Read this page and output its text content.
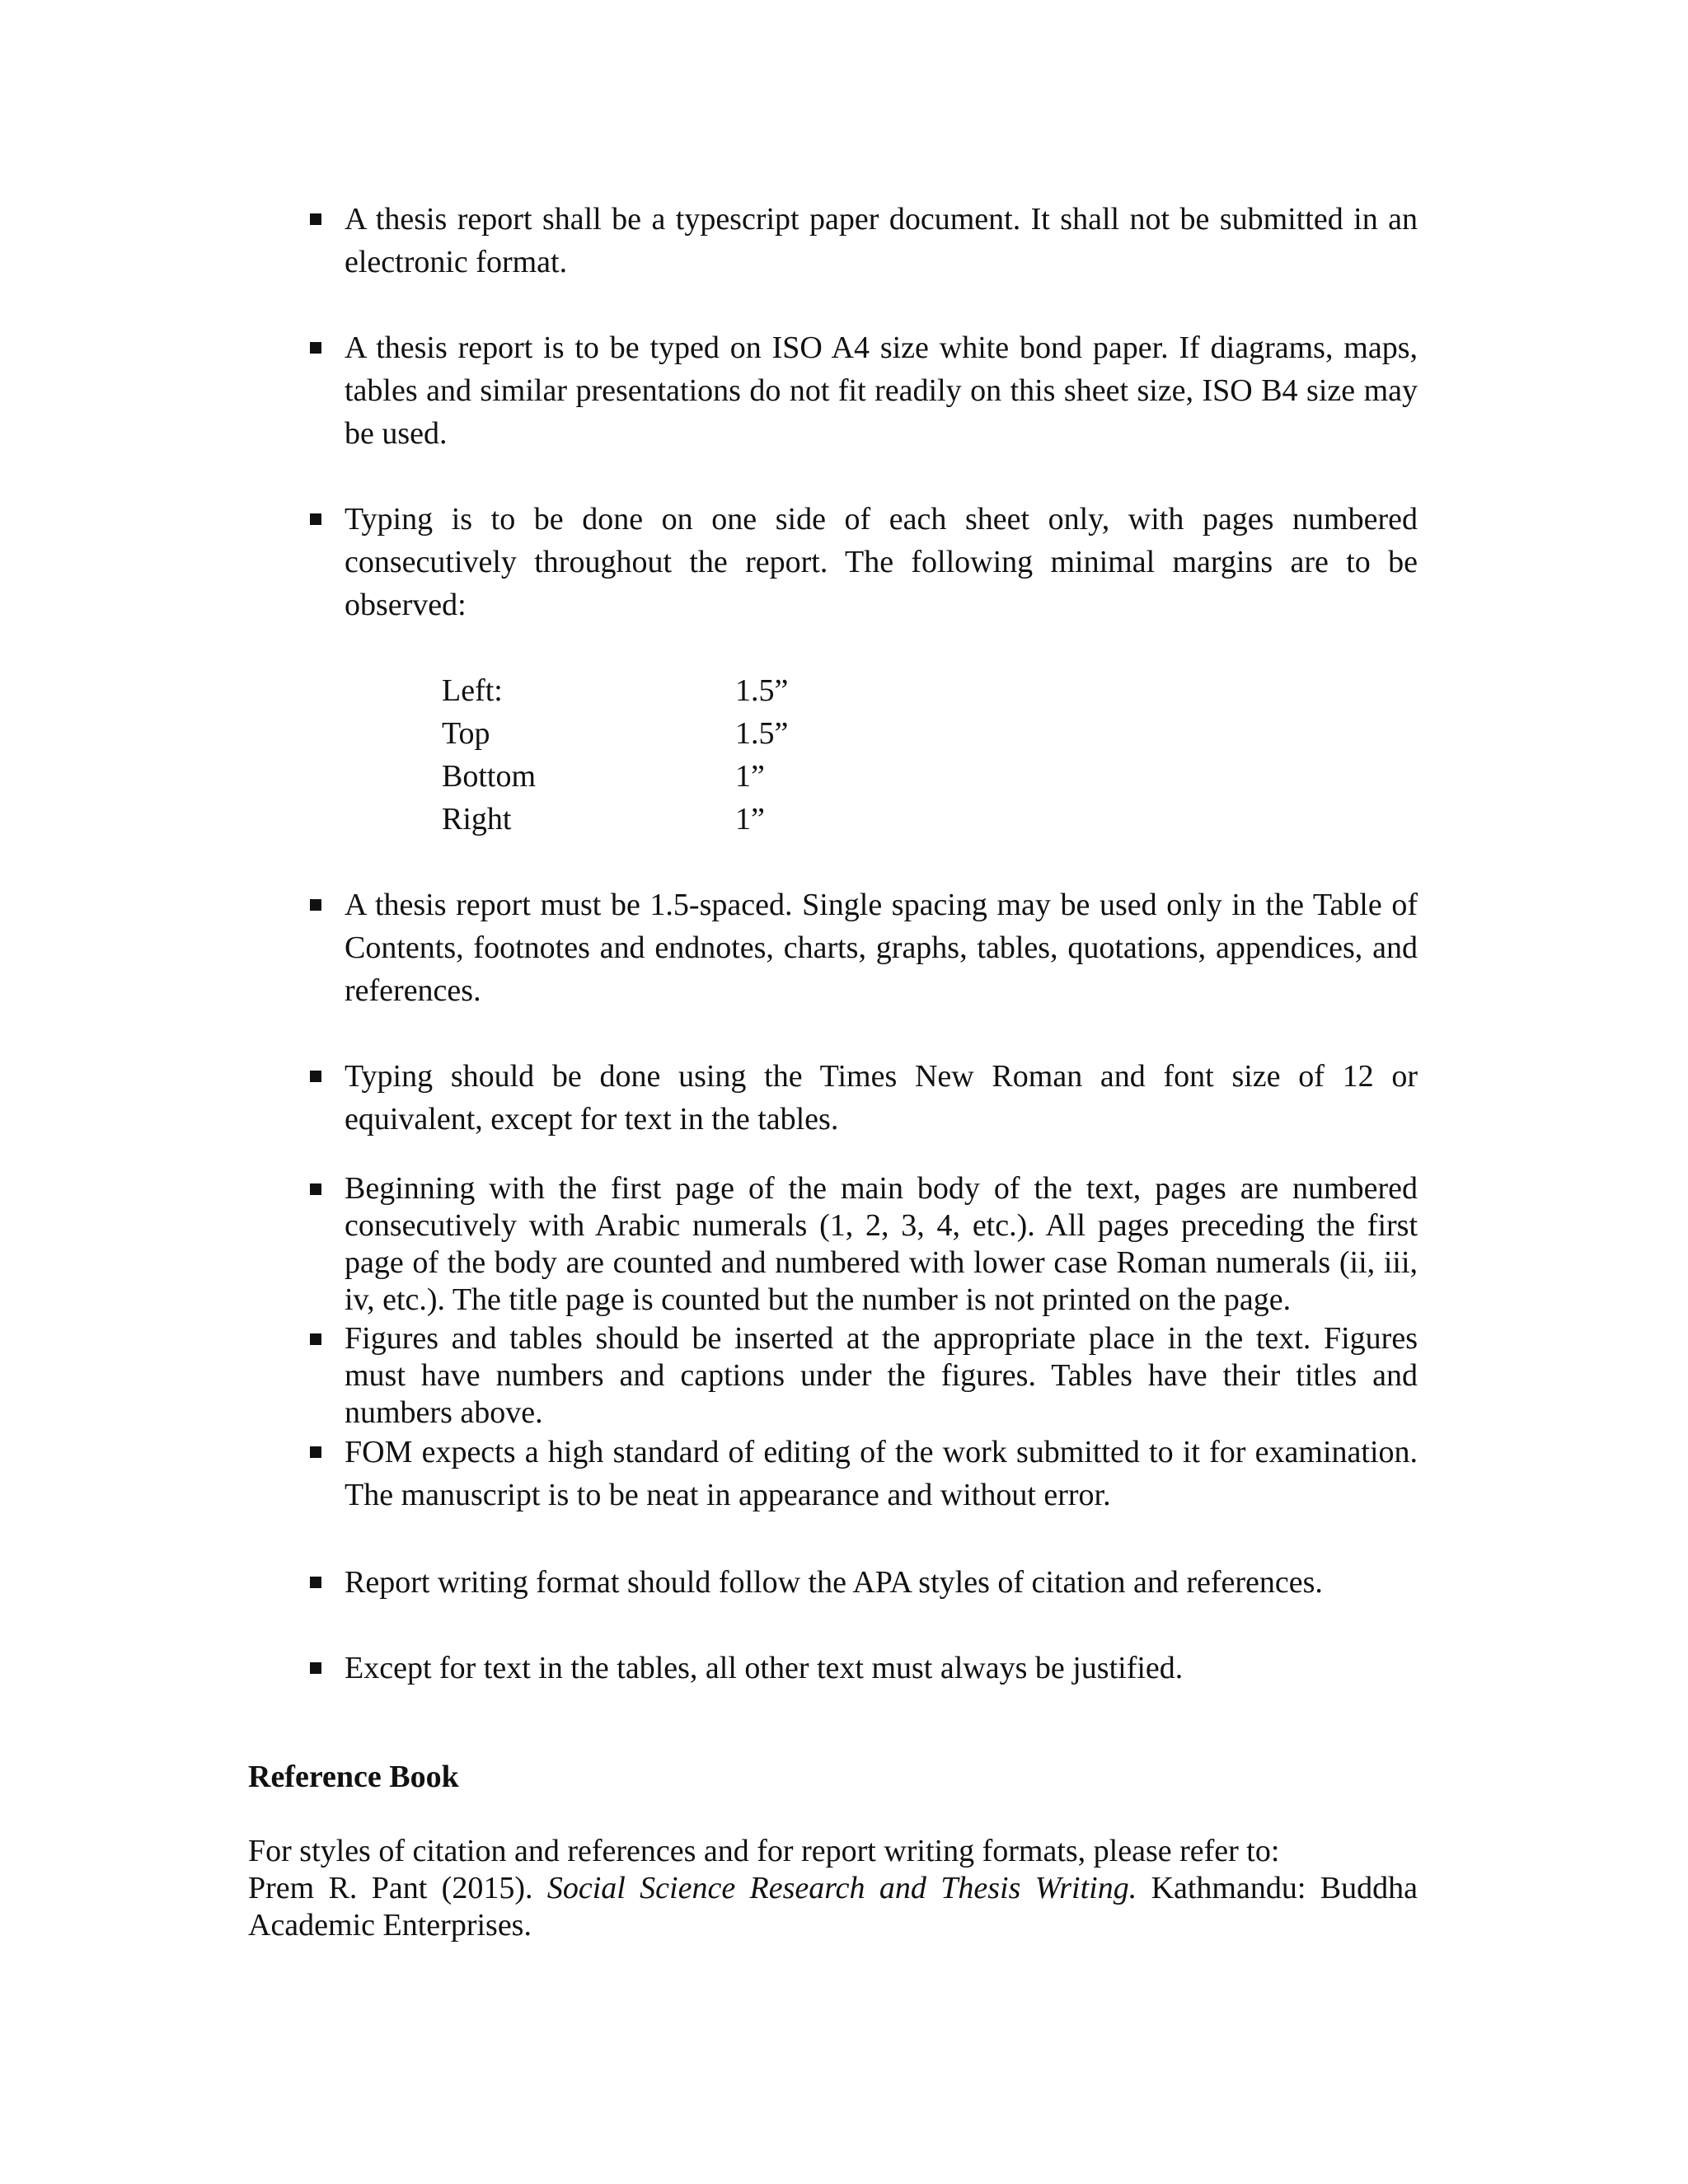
A thesis report shall be a typescript paper document. It shall not be submitted in an electronic format.
A thesis report is to be typed on ISO A4 size white bond paper. If diagrams, maps, tables and similar presentations do not fit readily on this sheet size, ISO B4 size may be used.
Typing is to be done on one side of each sheet only, with pages numbered consecutively throughout the report. The following minimal margins are to be observed:
Left:	1.5”
Top	1.5”
Bottom	1”
Right	1”
A thesis report must be 1.5-spaced. Single spacing may be used only in the Table of Contents, footnotes and endnotes, charts, graphs, tables, quotations, appendices, and references.
Typing should be done using the Times New Roman and font size of 12 or equivalent, except for text in the tables.
Beginning with the first page of the main body of the text, pages are numbered consecutively with Arabic numerals (1, 2, 3, 4, etc.). All pages preceding the first page of the body are counted and numbered with lower case Roman numerals (ii, iii, iv, etc.). The title page is counted but the number is not printed on the page.
Figures and tables should be inserted at the appropriate place in the text. Figures must have numbers and captions under the figures. Tables have their titles and numbers above.
FOM expects a high standard of editing of the work submitted to it for examination. The manuscript is to be neat in appearance and without error.
Report writing format should follow the APA styles of citation and references.
Except for text in the tables, all other text must always be justified.
Reference Book
For styles of citation and references and for report writing formats, please refer to:
Prem R. Pant (2015). Social Science Research and Thesis Writing. Kathmandu: Buddha Academic Enterprises.
